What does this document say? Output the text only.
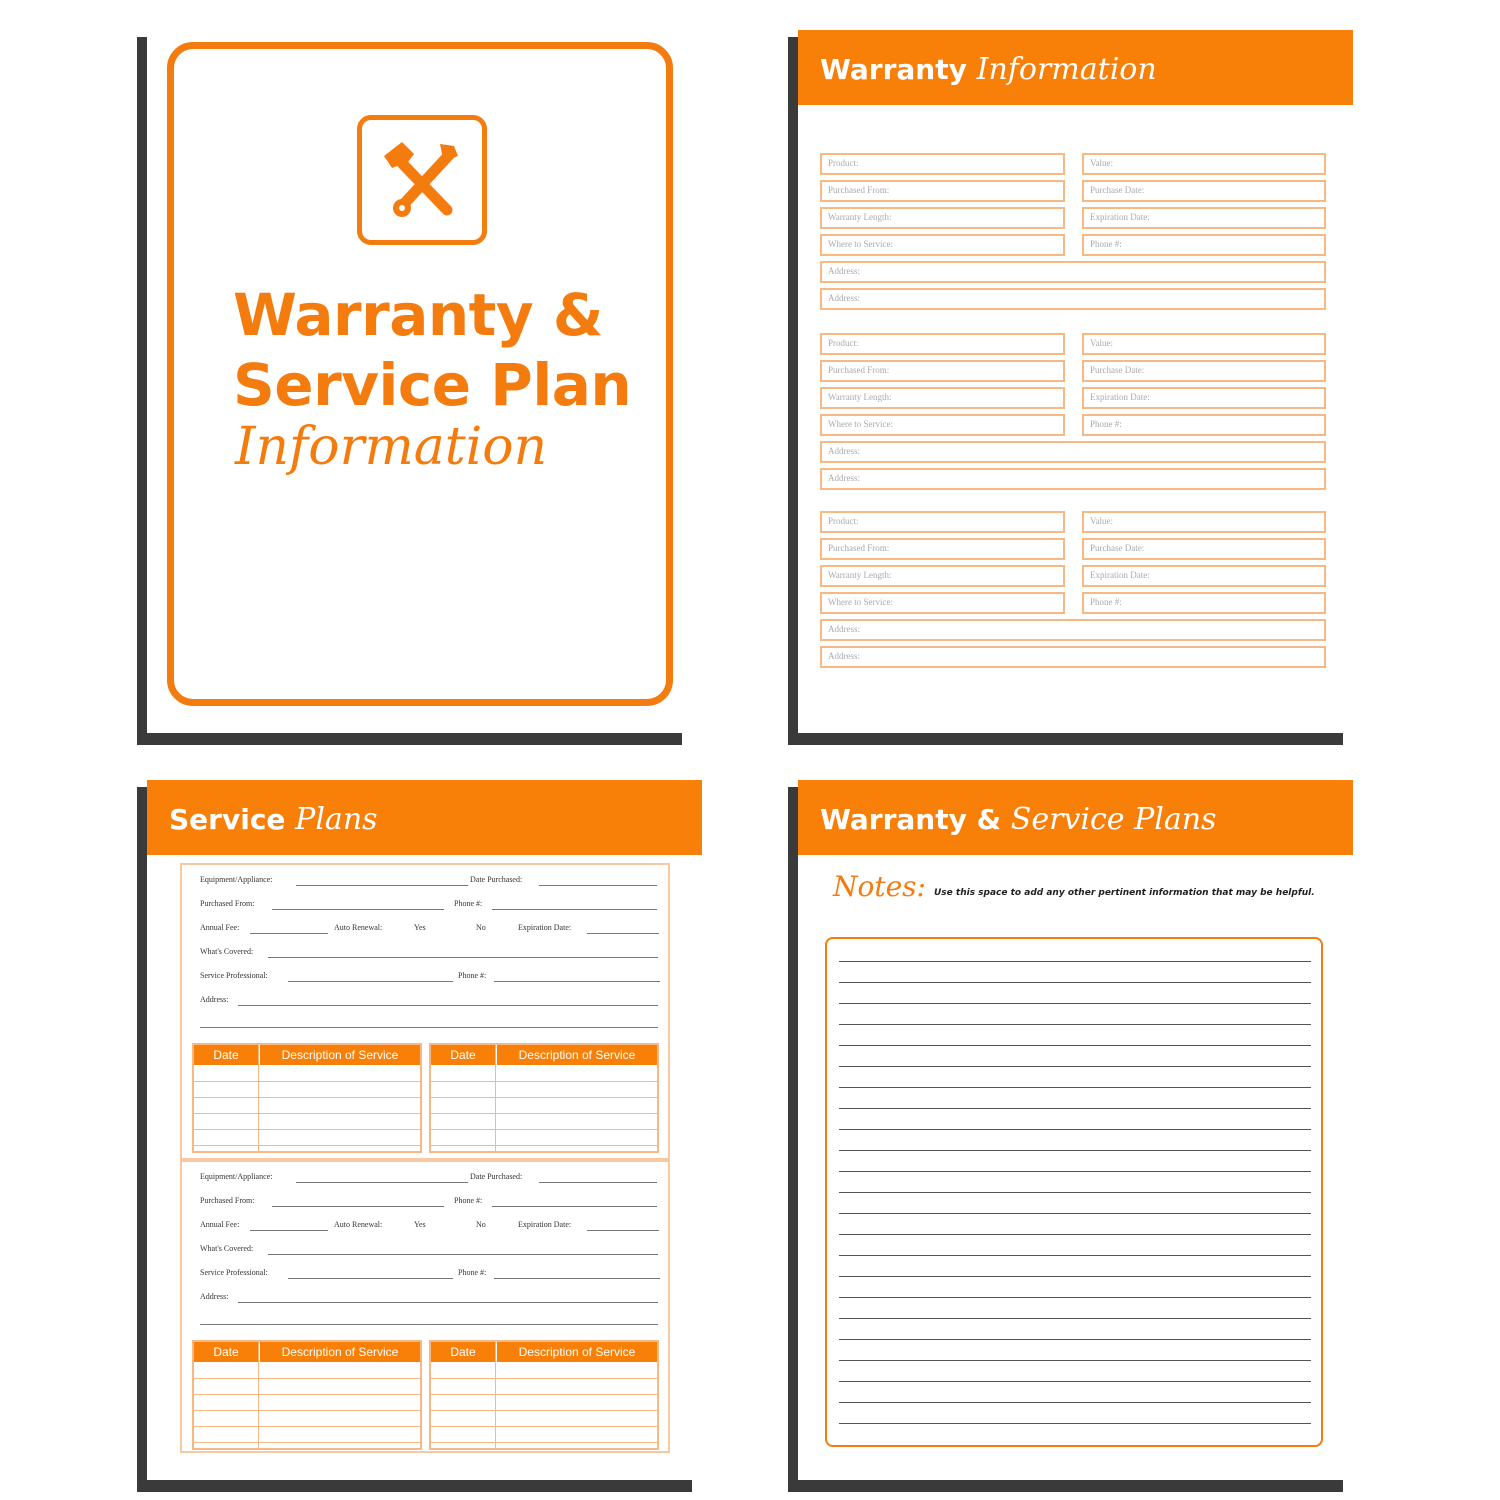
Warranty &
Service Plan
Information
Warranty Information
Product:	Value:
Purchased From:	Purchase Date:
Warranty Length:	Expiration Date:
Where to Service:	Phone #:
Address:
Address:
Product:	Value:
Purchased From:	Purchase Date:
Warranty Length:	Expiration Date:
Where to Service:	Phone #:
Address:
Address:
Product:	Value:
Purchased From:	Purchase Date:
Warranty Length:	Expiration Date:
Where to Service:	Phone #:
Address:
Address:
Service Plans
Equipment/Appliance:	Date Purchased:
Purchased From:	Phone #:
Annual Fee:	Auto Renewal:	Yes	No	Expiration Date:
What's Covered:
Service Professional:	Phone #:
Address:
Date	Description of Service	Date	Description of Service
Equipment/Appliance:	Date Purchased:
Purchased From:	Phone #:
Annual Fee:	Auto Renewal:	Yes	No	Expiration Date:
What's Covered:
Service Professional:	Phone #:
Address:
Date	Description of Service	Date	Description of Service
Warranty & Service Plans
Notes: Use this space to add any other pertinent information that may be helpful.
